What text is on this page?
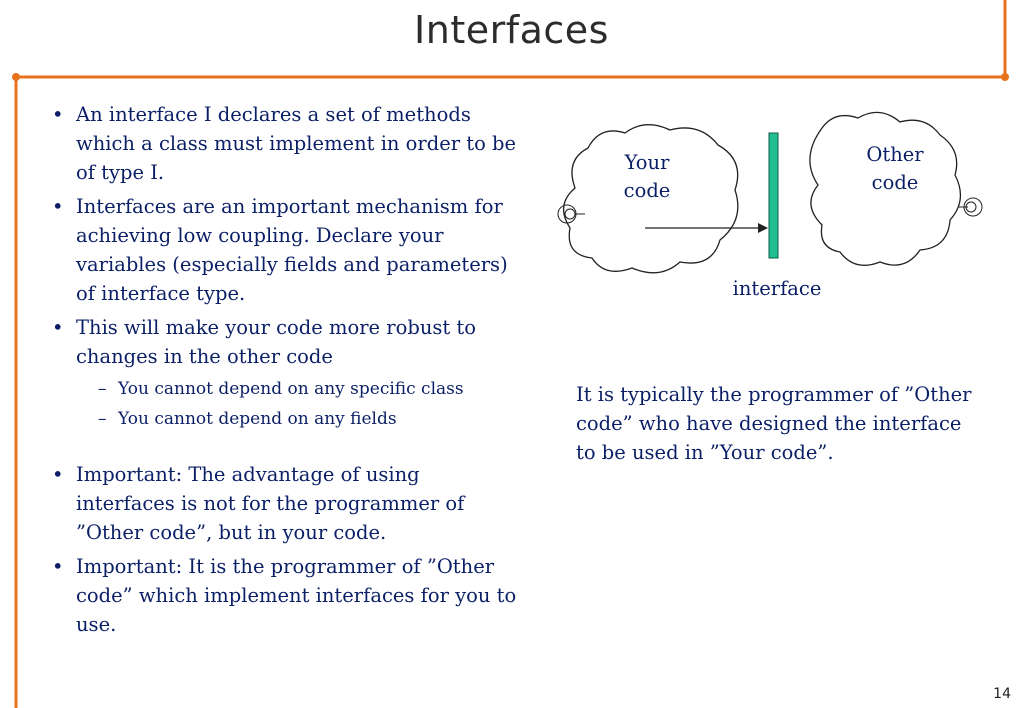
Interfaces
• An interface I declares a set of methods which a class must implement in order to be of type I.
• Interfaces are an important mechanism for achieving low coupling. Declare your variables (especially fields and parameters) of interface type.
• This will make your code more robust to changes in the other code
– You cannot depend on any specific class
– You cannot depend on any fields
• Important: The advantage of using interfaces is not for the programmer of ”Other code”, but in your code.
• Important: It is the programmer of ”Other code” which implement interfaces for you to use.
Your
code
Other
code
interface
It is typically the programmer of ”Other code” who have designed the interface to be used in ”Your code”.
14
